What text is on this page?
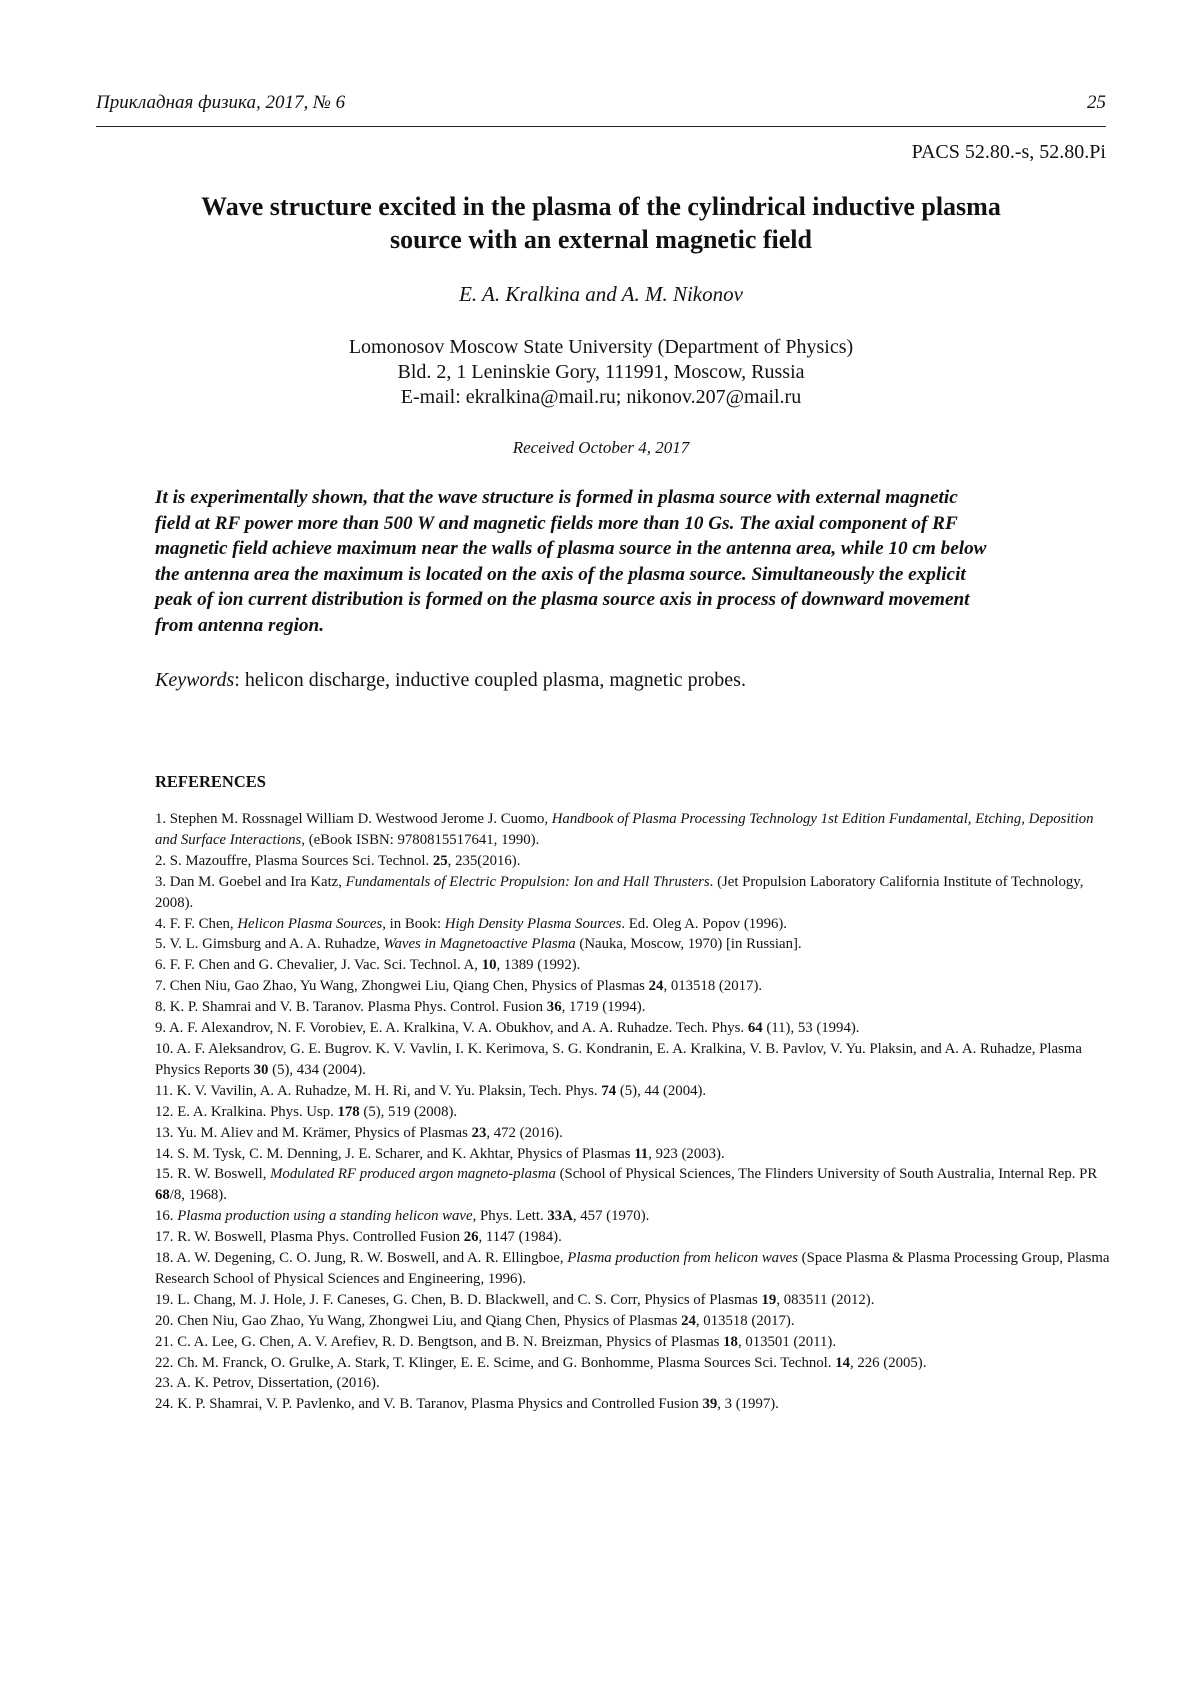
Прикладная физика, 2017, № 6	25
PACS 52.80.-s, 52.80.Pi
Wave structure excited in the plasma of the cylindrical inductive plasma
source with an external magnetic field
E. A. Kralkina and A. M. Nikonov
Lomonosov Moscow State University (Department of Physics)
Bld. 2, 1 Leninskie Gory, 111991, Moscow, Russia
E-mail: ekralkina@mail.ru; nikonov.207@mail.ru
Received October 4, 2017
It is experimentally shown, that the wave structure is formed in plasma source with external magnetic
field at RF power more than 500 W and magnetic fields more than 10 Gs. The axial component of RF
magnetic field achieve maximum near the walls of plasma source in the antenna area, while 10 cm below
the antenna area the maximum is located on the axis of the plasma source. Simultaneously the explicit
peak of ion current distribution is formed on the plasma source axis in process of downward movement
from antenna region.
Keywords: helicon discharge, inductive coupled plasma, magnetic probes.
REFERENCES
1. Stephen M. Rossnagel William D. Westwood Jerome J. Cuomo, Handbook of Plasma Processing Technology 1st Edition Fundamental, Etching, Deposition and Surface Interactions, (eBook ISBN: 9780815517641, 1990).
2. S. Mazouffre, Plasma Sources Sci. Technol. 25, 235(2016).
3. Dan M. Goebel and Ira Katz, Fundamentals of Electric Propulsion: Ion and Hall Thrusters. (Jet Propulsion Laboratory California Institute of Technology, 2008).
4. F. F. Chen, Helicon Plasma Sources, in Book: High Density Plasma Sources. Ed. Oleg A. Popov (1996).
5. V. L. Gimsburg and A. A. Ruhadze, Waves in Magnetoactive Plasma (Nauka, Moscow, 1970) [in Russian].
6. F. F. Chen and G. Chevalier, J. Vac. Sci. Technol. A, 10, 1389 (1992).
7. Chen Niu, Gao Zhao, Yu Wang, Zhongwei Liu, Qiang Chen, Physics of Plasmas 24, 013518 (2017).
8. K. P. Shamrai and V. B. Taranov. Plasma Phys. Control. Fusion 36, 1719 (1994).
9. A. F. Alexandrov, N. F. Vorobiev, E. A. Kralkina, V. A. Obukhov, and A. A. Ruhadze. Tech. Phys. 64 (11), 53 (1994).
10. A. F. Aleksandrov, G. E. Bugrov. K. V. Vavlin, I. K. Kerimova, S. G. Kondranin, E. A. Kralkina, V. B. Pavlov, V. Yu. Plaksin, and A. A. Ruhadze, Plasma Physics Reports 30 (5), 434 (2004).
11. K. V. Vavilin, A. A. Ruhadze, M. H. Ri, and V. Yu. Plaksin, Tech. Phys. 74 (5), 44 (2004).
12. E. A. Kralkina. Phys. Usp. 178 (5), 519 (2008).
13. Yu. M. Aliev and M. Krämer, Physics of Plasmas 23, 472 (2016).
14. S. M. Tysk, C. M. Denning, J. E. Scharer, and K. Akhtar, Physics of Plasmas 11, 923 (2003).
15. R. W. Boswell, Modulated RF produced argon magneto-plasma (School of Physical Sciences, The Flinders University of South Australia, Internal Rep. PR 68/8, 1968).
16. Plasma production using a standing helicon wave, Phys. Lett. 33A, 457 (1970).
17. R. W. Boswell, Plasma Phys. Controlled Fusion 26, 1147 (1984).
18. A. W. Degening, C. O. Jung, R. W. Boswell, and A. R. Ellingboe, Plasma production from helicon waves (Space Plasma & Plasma Processing Group, Plasma Research School of Physical Sciences and Engineering, 1996).
19. L. Chang, M. J. Hole, J. F. Caneses, G. Chen, B. D. Blackwell, and C. S. Corr, Physics of Plasmas 19, 083511 (2012).
20. Chen Niu, Gao Zhao, Yu Wang, Zhongwei Liu, and Qiang Chen, Physics of Plasmas 24, 013518 (2017).
21. C. A. Lee, G. Chen, A. V. Arefiev, R. D. Bengtson, and B. N. Breizman, Physics of Plasmas 18, 013501 (2011).
22. Ch. M. Franck, O. Grulke, A. Stark, T. Klinger, E. E. Scime, and G. Bonhomme, Plasma Sources Sci. Technol. 14, 226 (2005).
23. A. K. Petrov, Dissertation, (2016).
24. K. P. Shamrai, V. P. Pavlenko, and V. B. Taranov, Plasma Physics and Controlled Fusion 39, 3 (1997).
